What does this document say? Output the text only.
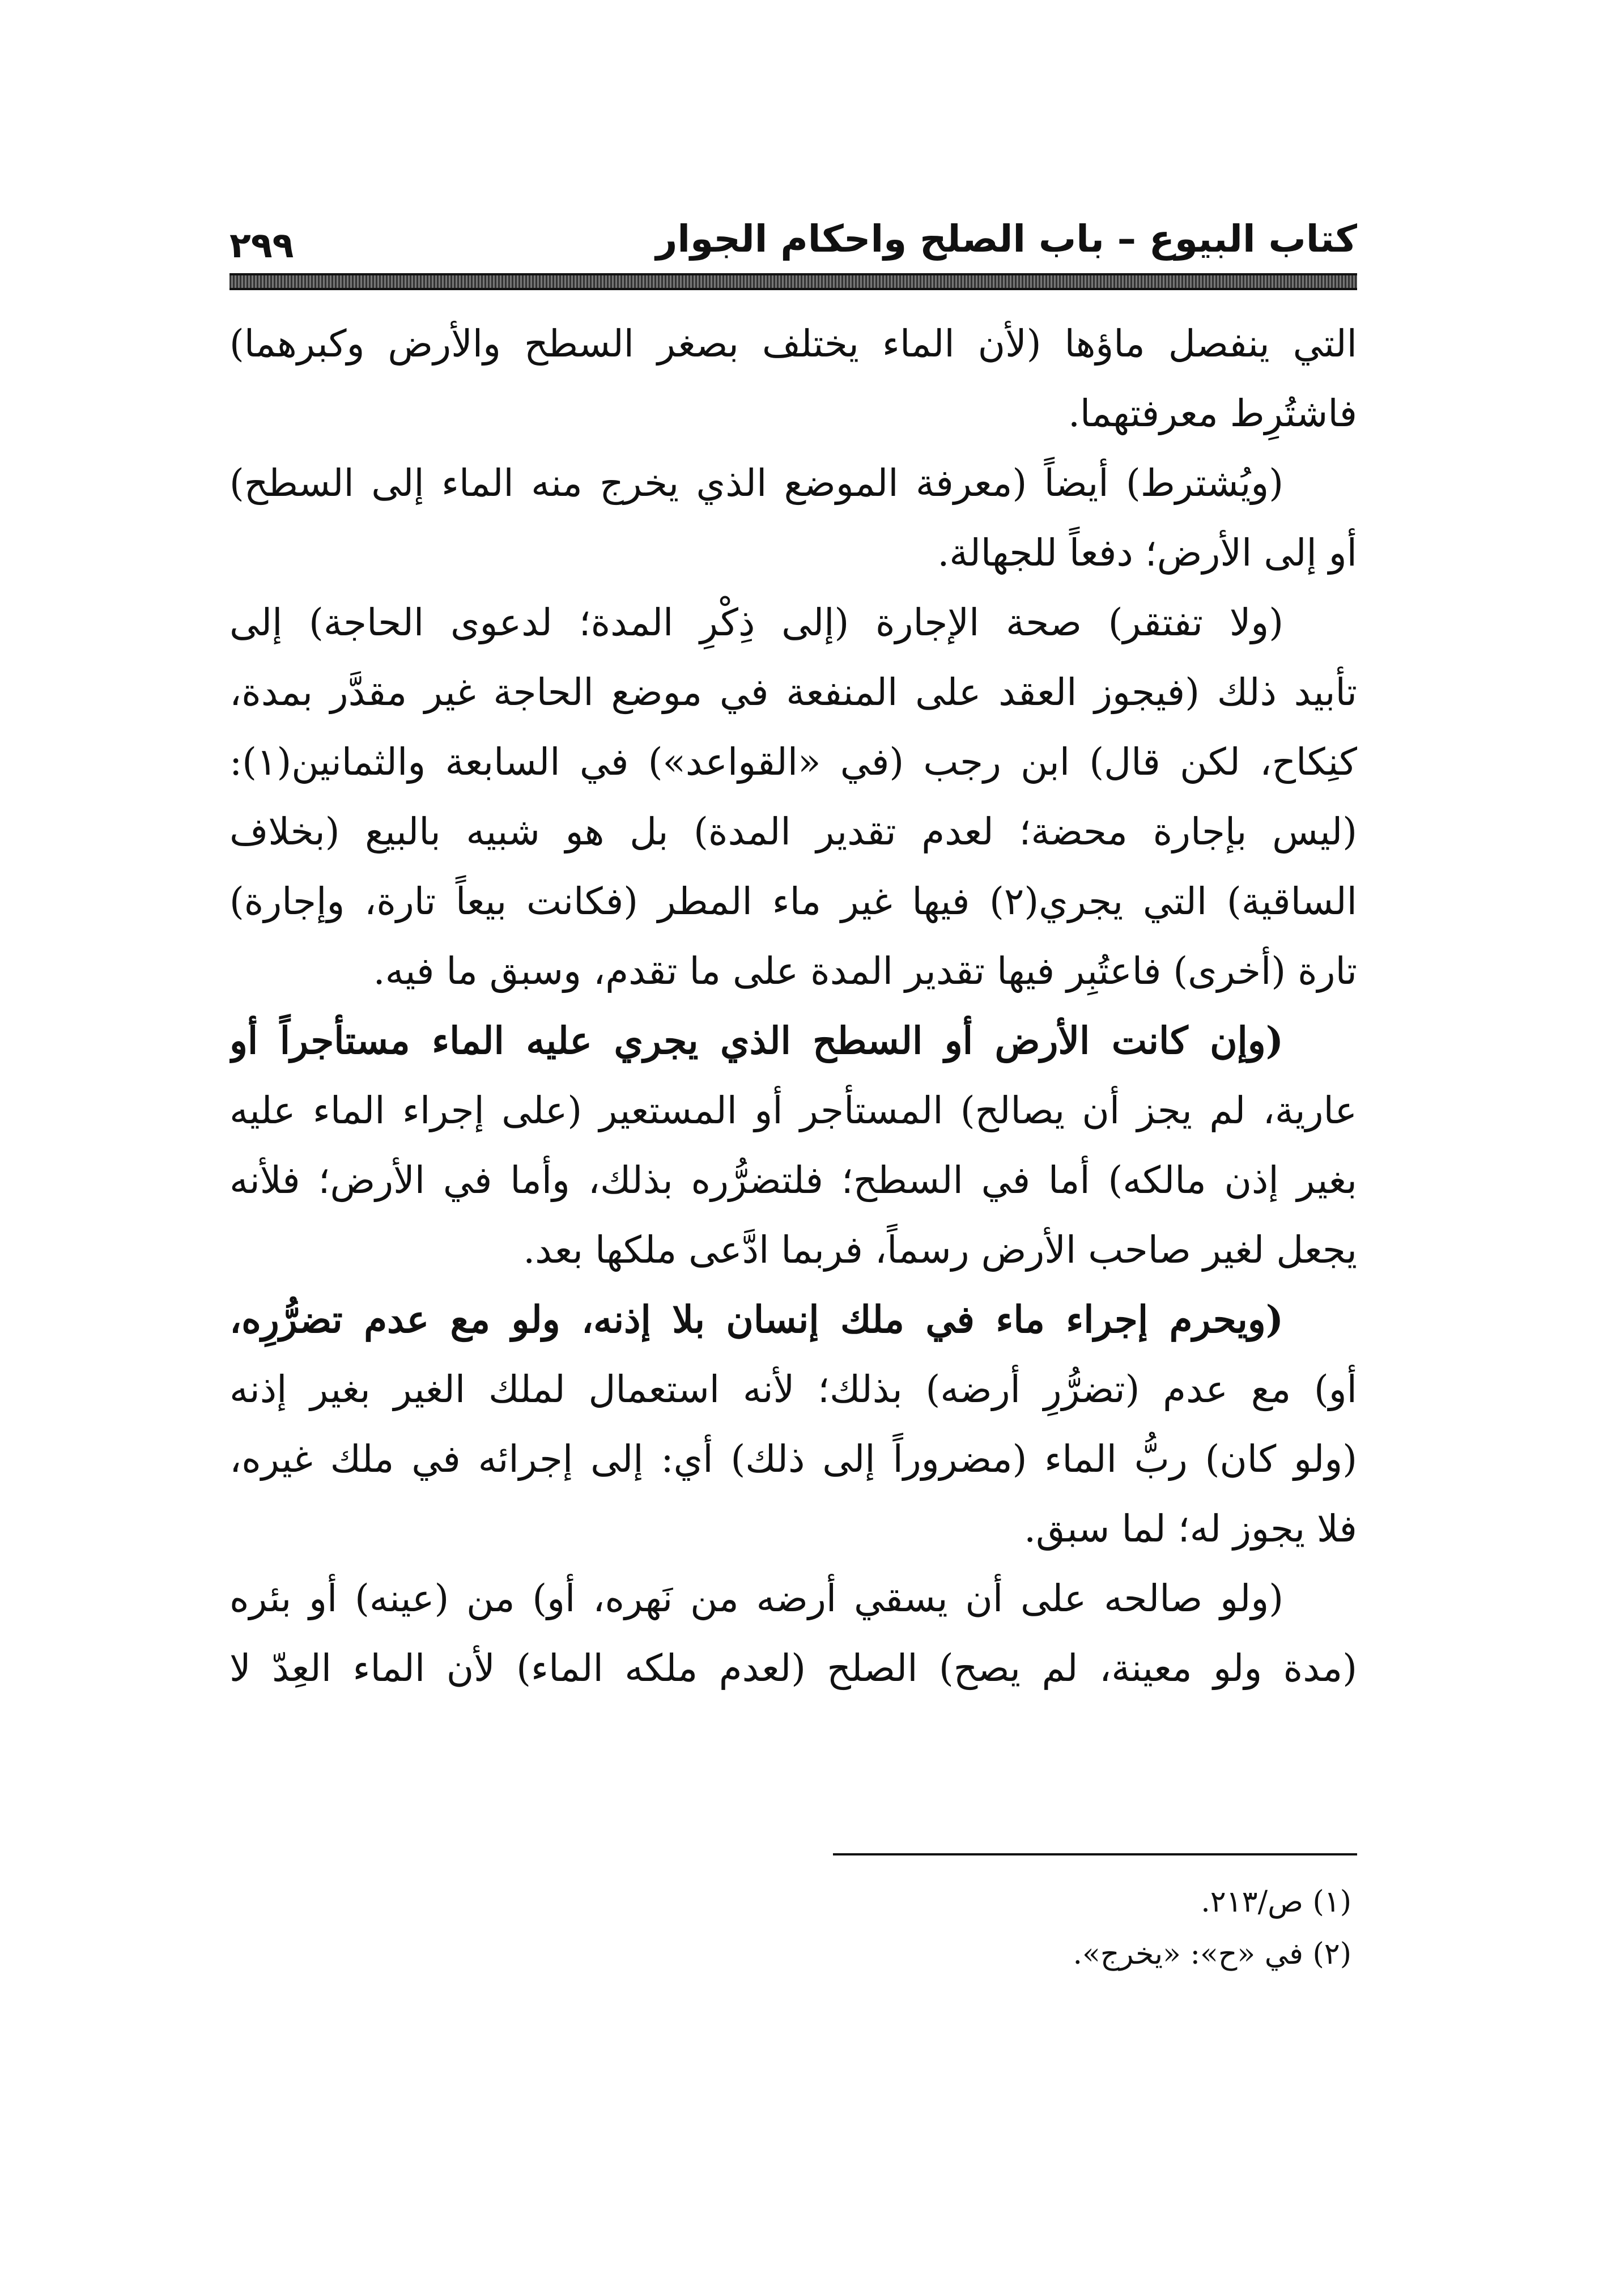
كتاب البيوع – باب الصلح واحكام الجوار
٢٩٩
التي ينفصل ماؤها (لأن الماء يختلف بصغر السطح والأرض وكبرهما)
فاشتُرِط معرفتهما.
(ويُشترط) أيضاً (معرفة الموضع الذي يخرج منه الماء إلى السطح)
أو إلى الأرض؛ دفعاً للجهالة.
(ولا تفتقر) صحة الإجارة (إلى ذِكْرِ المدة؛ لدعوى الحاجة) إلى
تأبيد ذلك (فيجوز العقد على المنفعة في موضع الحاجة غير مقدَّر بمدة،
كنِكاح، لكن قال) ابن رجب (في «القواعد») في السابعة والثمانين(١):
(ليس بإجارة محضة؛ لعدم تقدير المدة) بل هو شبيه بالبيع (بخلاف
الساقية) التي يجري(٢) فيها غير ماء المطر (فكانت بيعاً تارة، وإجارة)
تارة (أخرى) فاعتُبِر فيها تقدير المدة على ما تقدم، وسبق ما فيه.
(وإن كانت الأرض أو السطح الذي يجري عليه الماء مستأجراً أو
عارية، لم يجز أن يصالح) المستأجر أو المستعير (على إجراء الماء عليه
بغير إذن مالكه) أما في السطح؛ فلتضرُّره بذلك، وأما في الأرض؛ فلأنه
يجعل لغير صاحب الأرض رسماً، فربما ادَّعى ملكها بعد.
(ويحرم إجراء ماء في ملك إنسان بلا إذنه، ولو مع عدم تضرُّرِه،
أو) مع عدم (تضرُّرِ أرضه) بذلك؛ لأنه استعمال لملك الغير بغير إذنه
(ولو كان) ربُّ الماء (مضروراً إلى ذلك) أي: إلى إجرائه في ملك غيره،
فلا يجوز له؛ لما سبق.
(ولو صالحه على أن يسقي أرضه من نَهره، أو) من (عينه) أو بئره
(مدة ولو معينة، لم يصح) الصلح (لعدم ملكه الماء) لأن الماء العِدّ لا
(١) ص/٢١٣.
(٢) في «ح»: «يخرج».
